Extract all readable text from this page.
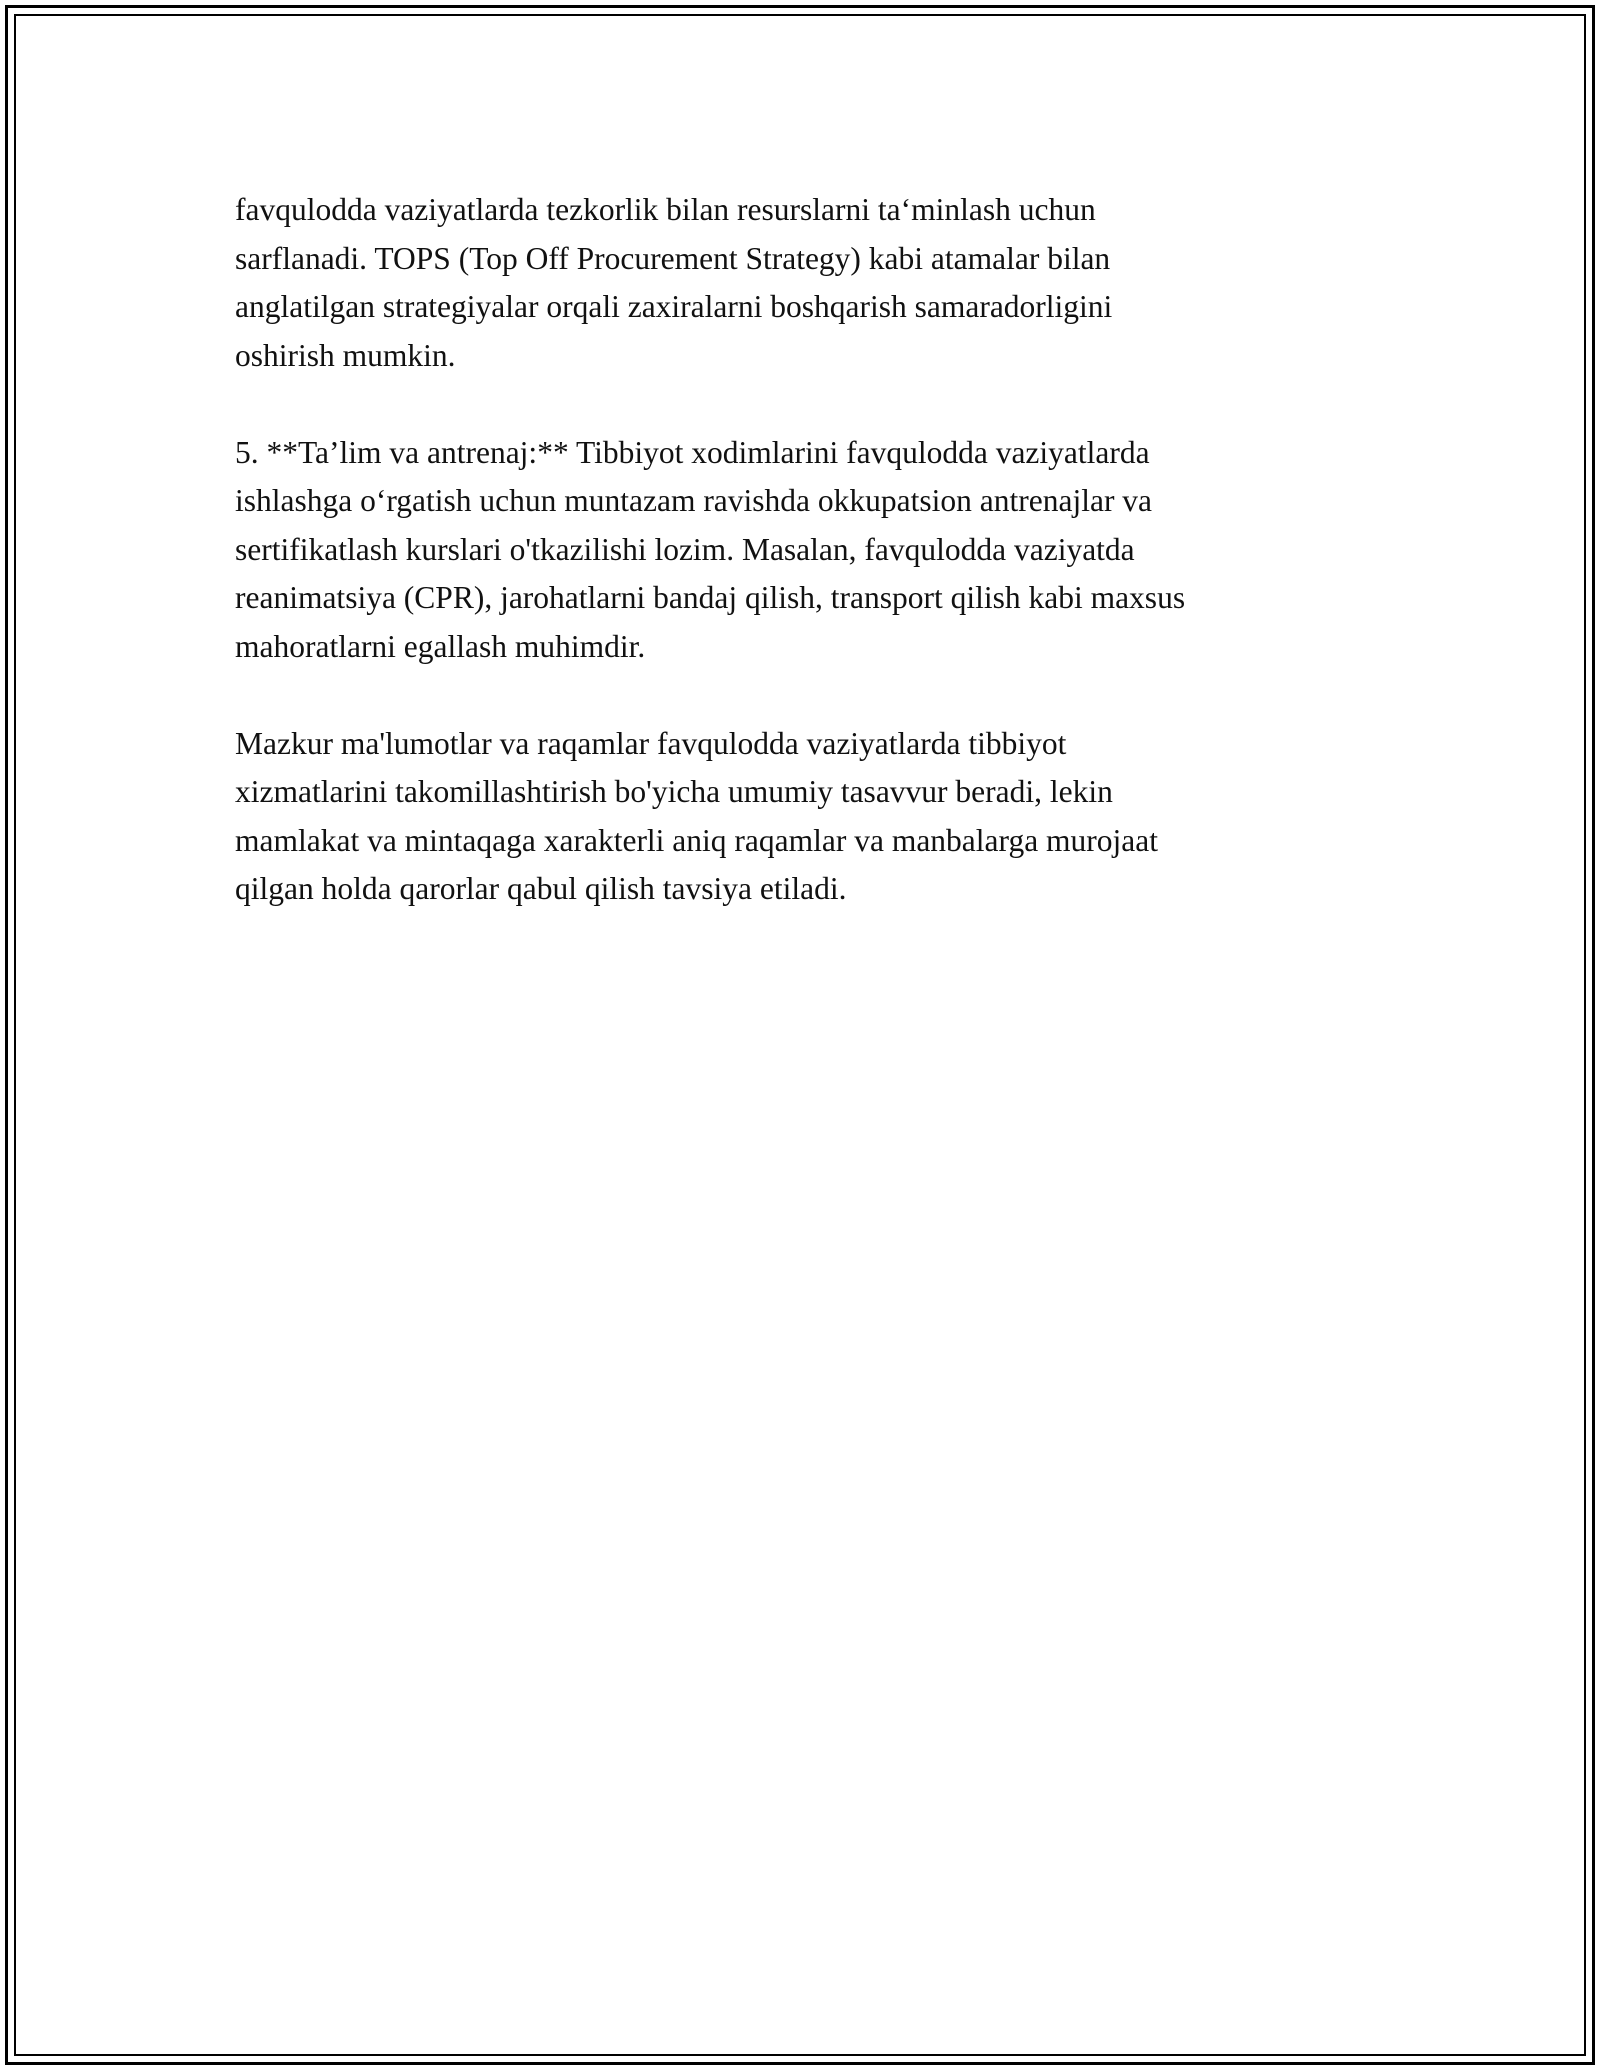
favqulodda vaziyatlarda tezkorlik bilan resurslarni ta‘minlash uchun
sarflanadi. TOPS (Top Off Procurement Strategy) kabi atamalar bilan
anglatilgan strategiyalar orqali zaxiralarni boshqarish samaradorligini
oshirish mumkin.

5. **Ta’lim va antrenaj:** Tibbiyot xodimlarini favqulodda vaziyatlarda
ishlashga o‘rgatish uchun muntazam ravishda okkupatsion antrenajlar va
sertifikatlash kurslari o'tkazilishi lozim. Masalan, favqulodda vaziyatda
reanimatsiya (CPR), jarohatlarni bandaj qilish, transport qilish kabi maxsus
mahoratlarni egallash muhimdir.

Mazkur ma'lumotlar va raqamlar favqulodda vaziyatlarda tibbiyot
xizmatlarini takomillashtirish bo'yicha umumiy tasavvur beradi, lekin
mamlakat va mintaqaga xarakterli aniq raqamlar va manbalarga murojaat
qilgan holda qarorlar qabul qilish tavsiya etiladi.
